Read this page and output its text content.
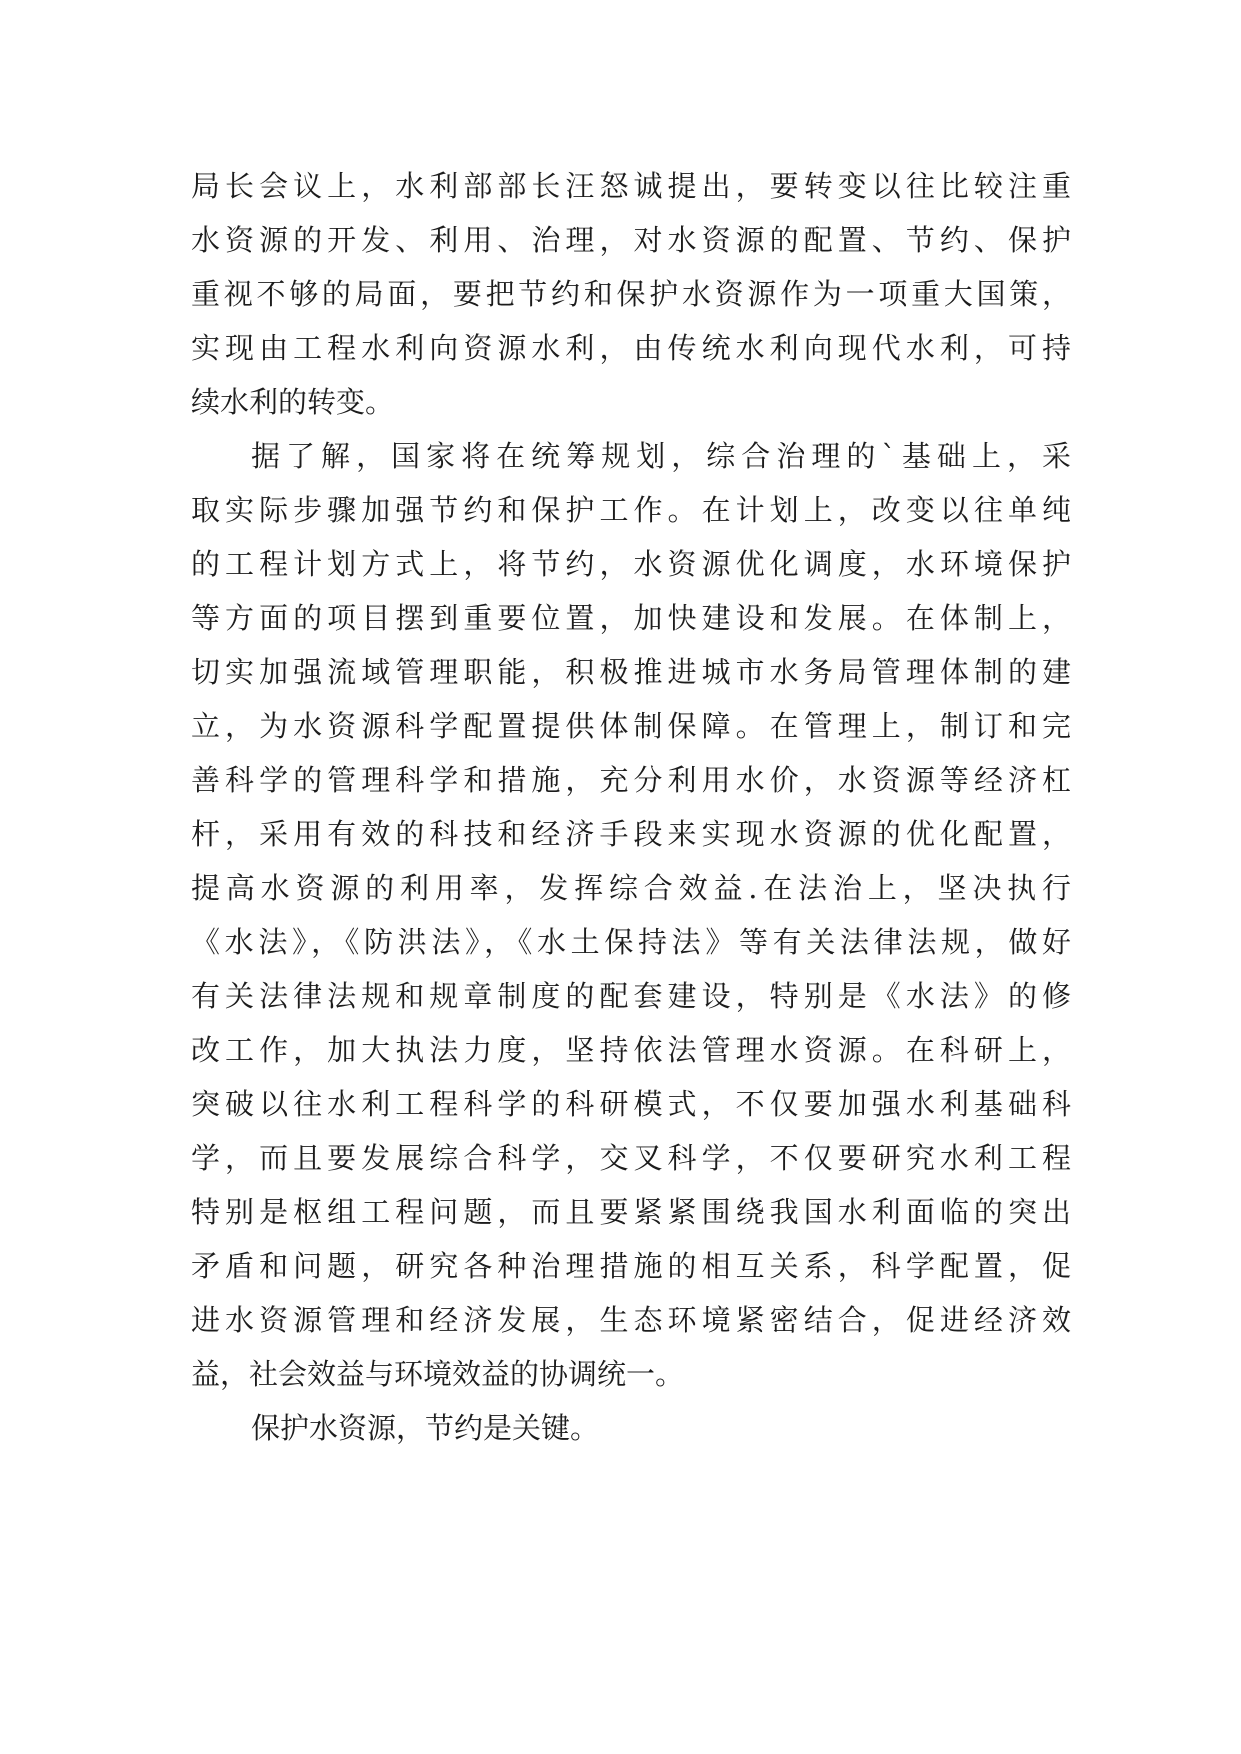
局长会议上，水利部部长汪怒诚提出，要转变以往比较注重
水资源的开发、利用、治理，对水资源的配置、节约、保护
重视不够的局面，要把节约和保护水资源作为一项重大国策，
实现由工程水利向资源水利，由传统水利向现代水利，可持
续水利的转变。
据了解，国家将在统筹规划，综合治理的`基础上，采
取实际步骤加强节约和保护工作。在计划上，改变以往单纯
的工程计划方式上，将节约，水资源优化调度，水环境保护
等方面的项目摆到重要位置，加快建设和发展。在体制上，
切实加强流域管理职能，积极推进城市水务局管理体制的建
立，为水资源科学配置提供体制保障。在管理上，制订和完
善科学的管理科学和措施，充分利用水价，水资源等经济杠
杆，采用有效的科技和经济手段来实现水资源的优化配置，
提高水资源的利用率，发挥综合效益.在法治上，坚决执行
《水法》，《防洪法》，《水土保持法》等有关法律法规，做好
有关法律法规和规章制度的配套建设，特别是《水法》的修
改工作，加大执法力度，坚持依法管理水资源。在科研上，
突破以往水利工程科学的科研模式，不仅要加强水利基础科
学，而且要发展综合科学，交叉科学，不仅要研究水利工程
特别是枢组工程问题，而且要紧紧围绕我国水利面临的突出
矛盾和问题，研究各种治理措施的相互关系，科学配置，促
进水资源管理和经济发展，生态环境紧密结合，促进经济效
益，社会效益与环境效益的协调统一。
保护水资源，节约是关键。
